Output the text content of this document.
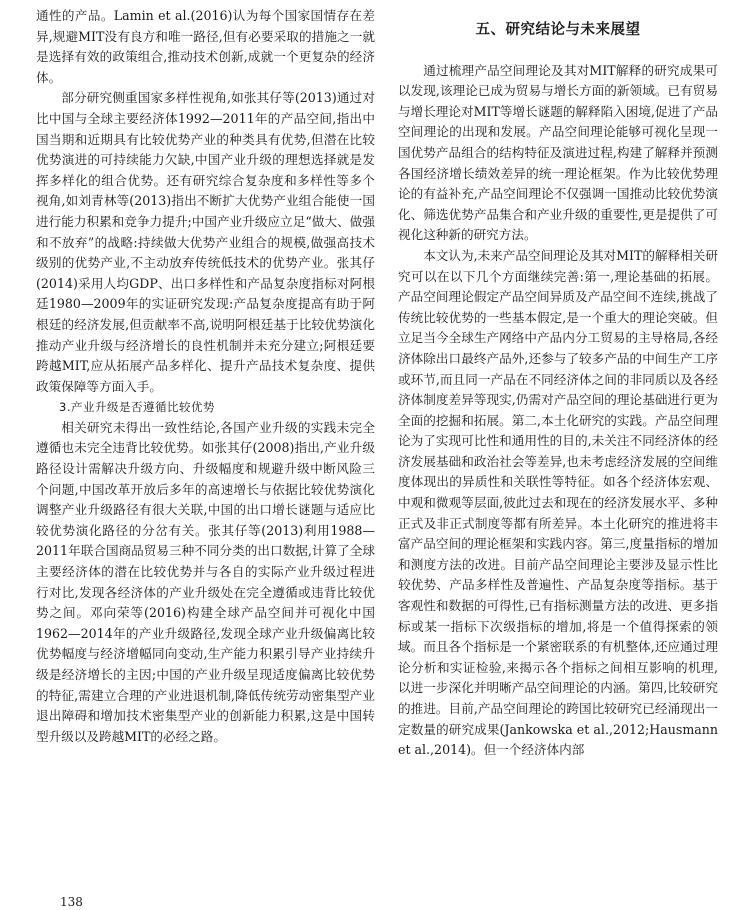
通性的产品。Lamin et al.(2016)认为每个国家国情存在差异,规避MIT没有良方和唯一路径,但有必要采取的措施之一就是选择有效的政策组合,推动技术创新,成就一个更复杂的经济体。

部分研究侧重国家多样性视角,如张其仔等(2013)通过对比中国与全球主要经济体1992—2011年的产品空间,指出中国当期和近期具有比较优势产业的种类具有优势,但潜在比较优势演进的可持续能力欠缺,中国产业升级的理想选择就是发挥多样化的组合优势。还有研究综合复杂度和多样性等多个视角,如刘青林等(2013)指出不断扩大优势产业组合能使一国进行能力积累和竞争力提升;中国产业升级应立足“做大、做强和不放弃”的战略:持续做大优势产业组合的规模,做强高技术级别的优势产业,不主动放弃传统低技术的优势产业。张其仔(2014)采用人均GDP、出口多样性和产品复杂度指标对阿根廷1980—2009年的实证研究发现:产品复杂度提高有助于阿根廷的经济发展,但贡献率不高,说明阿根廷基于比较优势演化推动产业升级与经济增长的良性机制并未充分建立;阿根廷要跨越MIT,应从拓展产品多样化、提升产品技术复杂度、提供政策保障等方面入手。

3.产业升级是否遵循比较优势

相关研究未得出一致性结论,各国产业升级的实践未完全遵循也未完全违背比较优势。如张其仔(2008)指出,产业升级路径设计需解决升级方向、升级幅度和规避升级中断风险三个问题,中国改革开放后多年的高速增长与依据比较优势演化调整产业升级路径有很大关联,中国的出口增长谜题与适应比较优势演化路径的分岔有关。张其仔等(2013)利用1988—2011年联合国商品贸易三种不同分类的出口数据,计算了全球主要经济体的潜在比较优势并与各自的实际产业升级过程进行对比,发现各经济体的产业升级处在完全遵循或违背比较优势之间。邓向荣等(2016)构建全球产品空间并可视化中国1962—2014年的产业升级路径,发现全球产业升级偏离比较优势幅度与经济增幅同向变动,生产能力积累引导产业持续升级是经济增长的主因;中国的产业升级呈现适度偏离比较优势的特征,需建立合理的产业进退机制,降低传统劳动密集型产业退出障碍和增加技术密集型产业的创新能力积累,这是中国转型升级以及跨越MIT的必经之路。

五、研究结论与未来展望

通过梳理产品空间理论及其对MIT解释的研究成果可以发现,该理论已成为贸易与增长方面的新领域。已有贸易与增长理论对MIT等增长谜题的解释陷入困境,促进了产品空间理论的出现和发展。产品空间理论能够可视化呈现一国优势产品组合的结构特征及演进过程,构建了解释并预测各国经济增长绩效差异的统一理论框架。作为比较优势理论的有益补充,产品空间理论不仅强调一国推动比较优势演化、筛选优势产品集合和产业升级的重要性,更是提供了可视化这种新的研究方法。

本文认为,未来产品空间理论及其对MIT的解释相关研究可以在以下几个方面继续完善:第一,理论基础的拓展。产品空间理论假定产品空间异质及产品空间不连续,挑战了传统比较优势的一些基本假定,是一个重大的理论突破。但立足当今全球生产网络中产品内分工贸易的主导格局,各经济体除出口最终产品外,还参与了较多产品的中间生产工序或环节,而且同一产品在不同经济体之间的非同质以及各经济体制度差异等现实,仍需对产品空间的理论基础进行更为全面的挖掘和拓展。第二,本土化研究的实践。产品空间理论为了实现可比性和通用性的目的,未关注不同经济体的经济发展基础和政治社会等差异,也未考虑经济发展的空间维度体现出的异质性和关联性等特征。如各个经济体宏观、中观和微观等层面,彼此过去和现在的经济发展水平、多种正式及非正式制度等都有所差异。本土化研究的推进将丰富产品空间的理论框架和实践内容。第三,度量指标的增加和测度方法的改进。目前产品空间理论主要涉及显示性比较优势、产品多样性及普遍性、产品复杂度等指标。基于客观性和数据的可得性,已有指标测量方法的改进、更多指标或某一指标下次级指标的增加,将是一个值得探索的领域。而且各个指标是一个紧密联系的有机整体,还应通过理论分析和实证检验,来揭示各个指标之间相互影响的机理,以进一步深化并明晰产品空间理论的内涵。第四,比较研究的推进。目前,产品空间理论的跨国比较研究已经涌现出一定数量的研究成果(Jankowska et al.,2012;Hausmann et al.,2014)。但一个经济体内部

138
